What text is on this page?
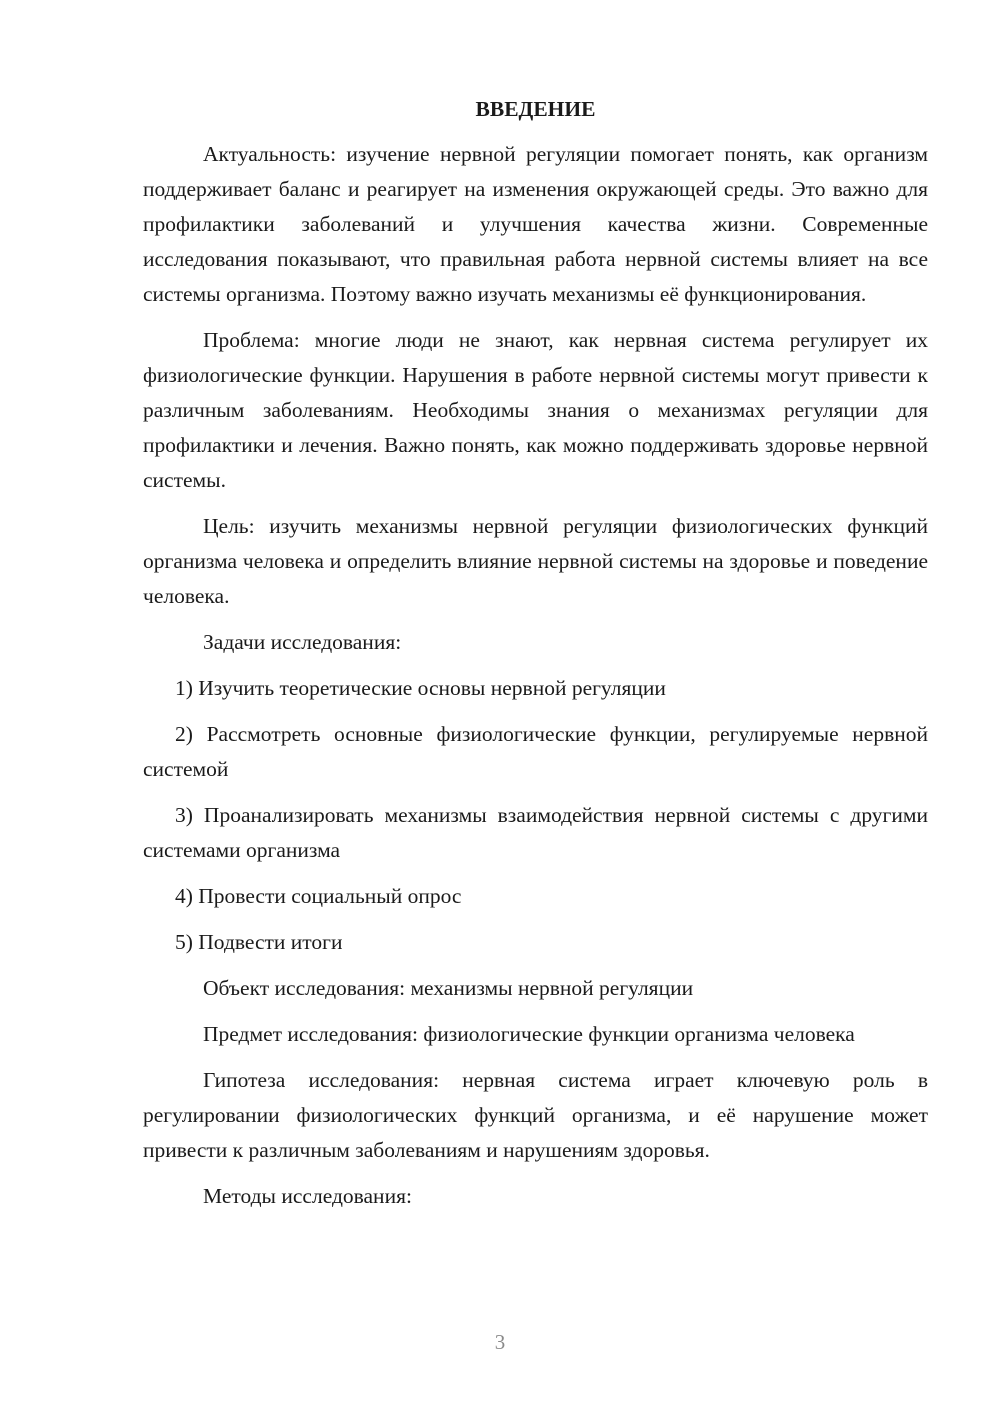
ВВЕДЕНИЕ

Актуальность: изучение нервной регуляции помогает понять, как организм поддерживает баланс и реагирует на изменения окружающей среды. Это важно для профилактики заболеваний и улучшения качества жизни. Современные исследования показывают, что правильная работа нервной системы влияет на все системы организма. Поэтому важно изучать механизмы её функционирования.

Проблема: многие люди не знают, как нервная система регулирует их физиологические функции. Нарушения в работе нервной системы могут привести к различным заболеваниям. Необходимы знания о механизмах регуляции для профилактики и лечения. Важно понять, как можно поддерживать здоровье нервной системы.

Цель: изучить механизмы нервной регуляции физиологических функций организма человека и определить влияние нервной системы на здоровье и поведение человека.

Задачи исследования:

1) Изучить теоретические основы нервной регуляции

2) Рассмотреть основные физиологические функции, регулируемые нервной системой

3) Проанализировать механизмы взаимодействия нервной системы с другими системами организма

4) Провести социальный опрос

5) Подвести итоги

Объект исследования: механизмы нервной регуляции

Предмет исследования: физиологические функции организма человека

Гипотеза исследования: нервная система играет ключевую роль в регулировании физиологических функций организма, и её нарушение может привести к различным заболеваниям и нарушениям здоровья.

Методы исследования:

3
